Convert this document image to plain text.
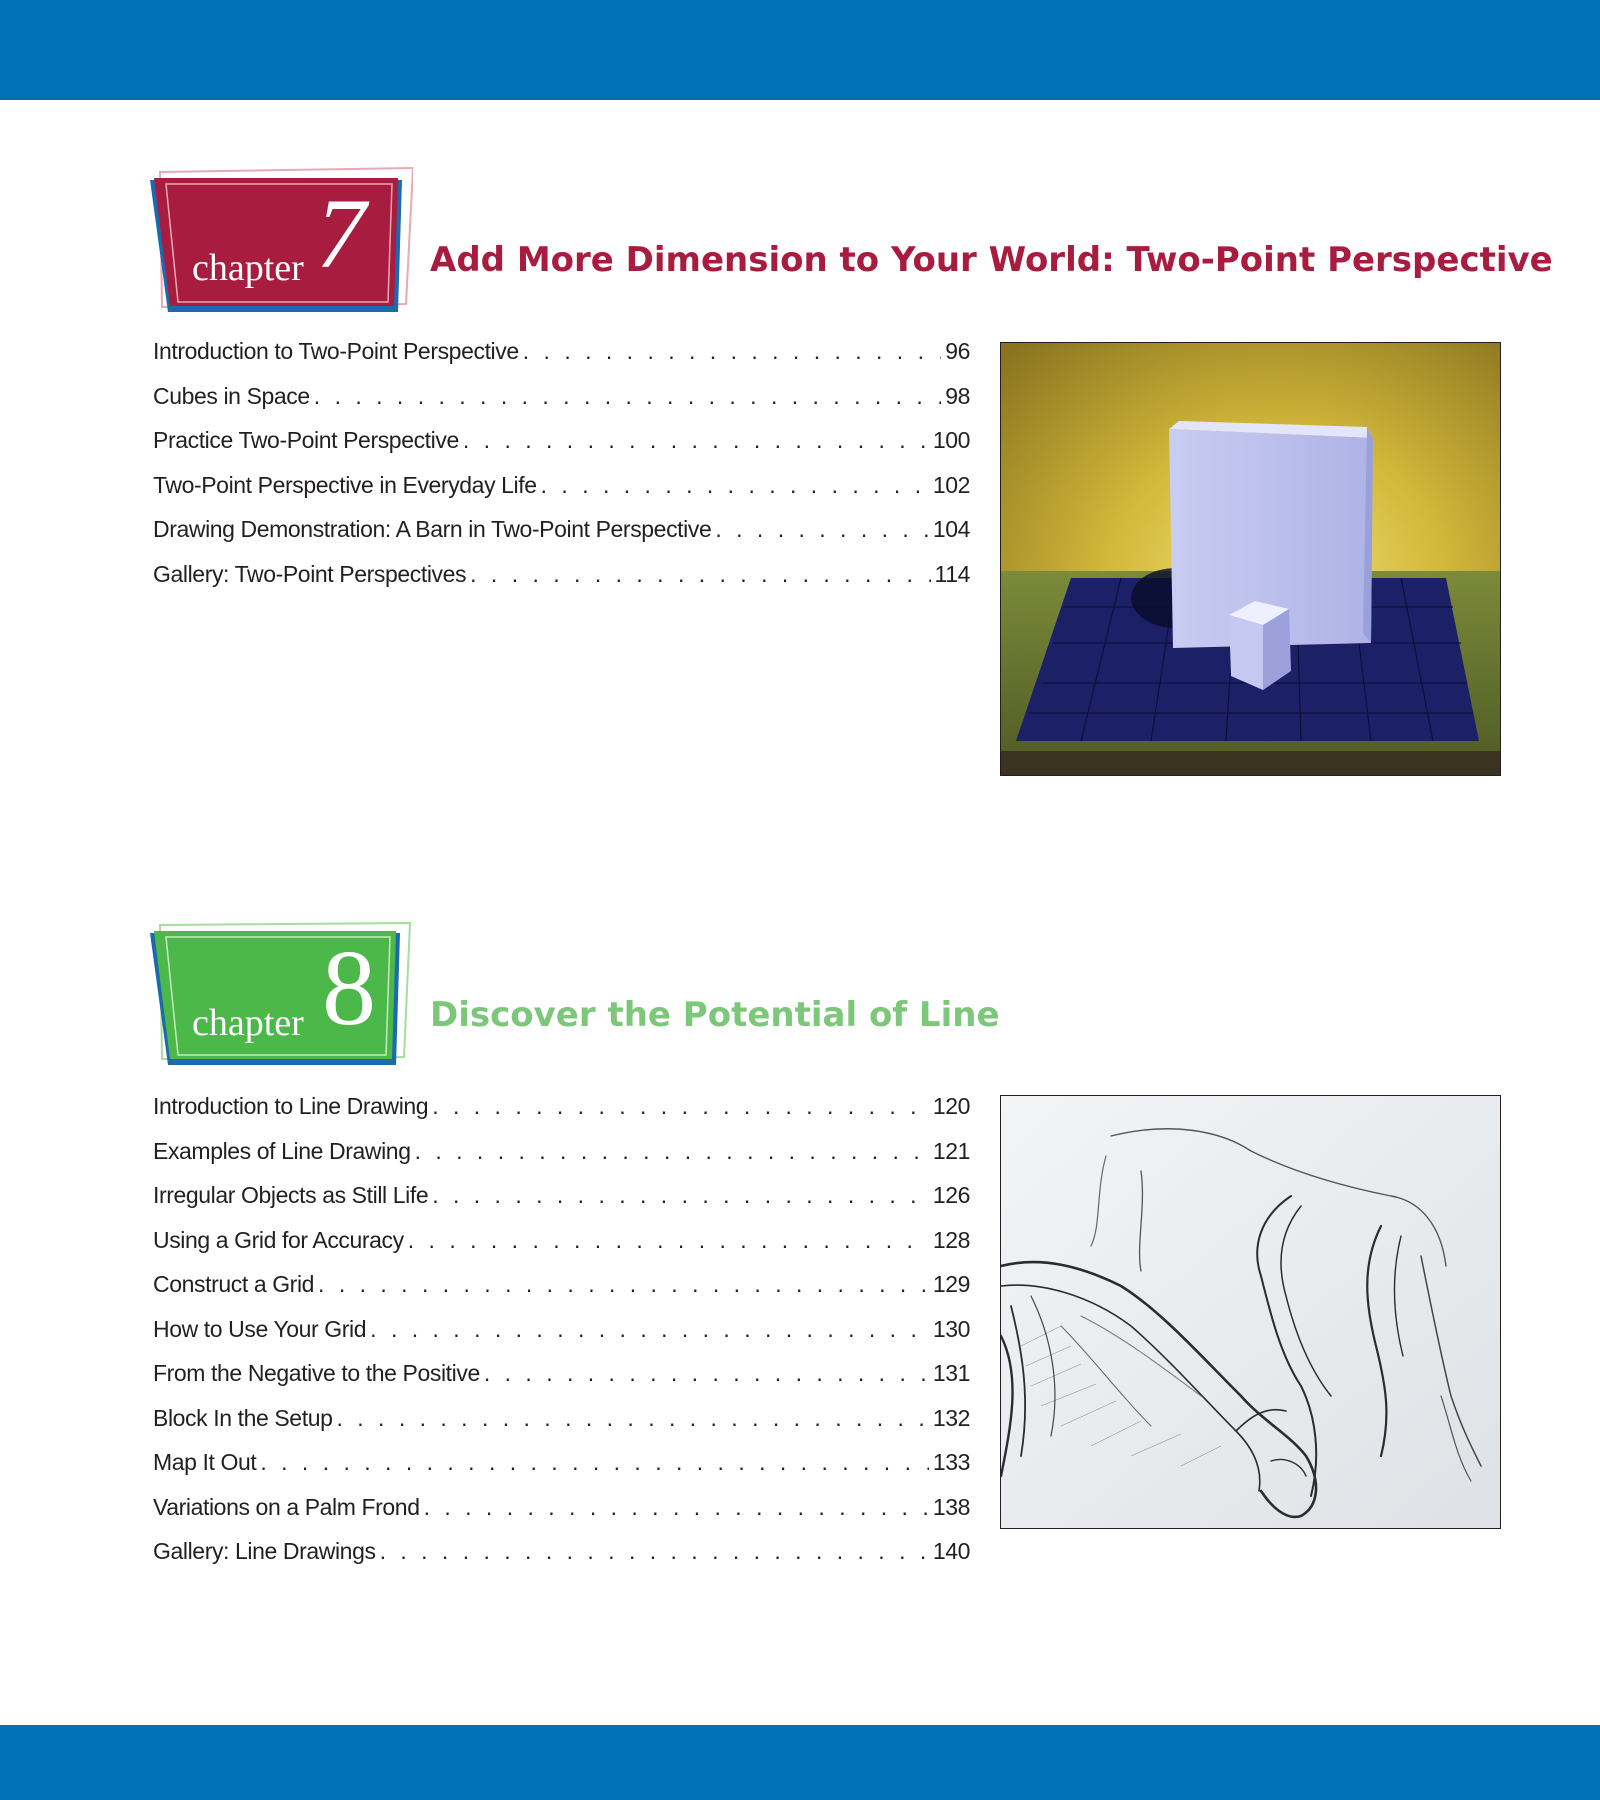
chapter 7 Add More Dimension to Your World: Two-Point Perspective
Introduction to Two-Point Perspective . . .	96
Cubes in Space . . .	98
Practice Two-Point Perspective . . .	100
Two-Point Perspective in Everyday Life . . .	102
Drawing Demonstration: A Barn in Two-Point Perspective . . .	104
Gallery: Two-Point Perspectives . . .	114
chapter 8 Discover the Potential of Line
Introduction to Line Drawing . . .	120
Examples of Line Drawing . . .	121
Irregular Objects as Still Life . . .	126
Using a Grid for Accuracy . . .	128
Construct a Grid . . .	129
How to Use Your Grid . . .	130
From the Negative to the Positive . . .	131
Block In the Setup . . .	132
Map It Out . . .	133
Variations on a Palm Frond . . .	138
Gallery: Line Drawings . . .	140
